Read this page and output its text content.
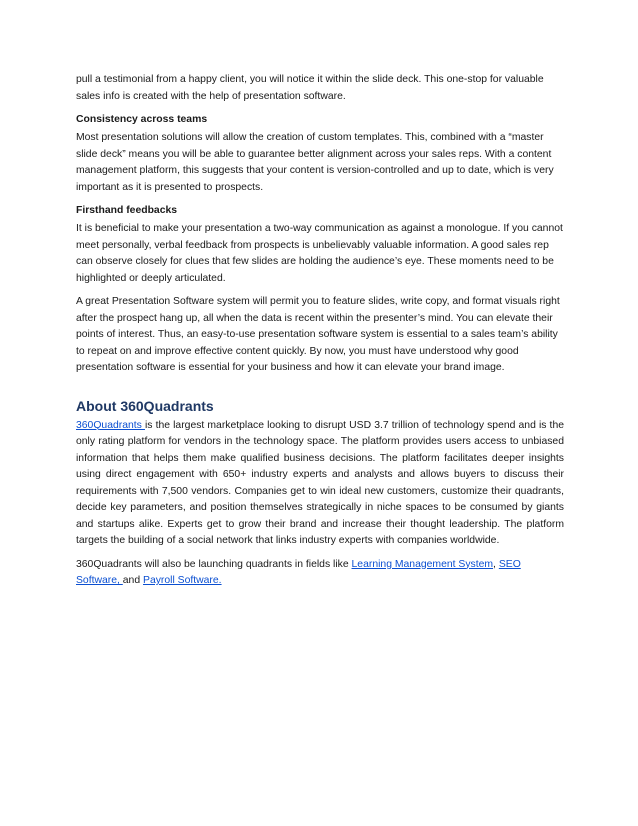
pull a testimonial from a happy client, you will notice it within the slide deck. This one-stop for valuable sales info is created with the help of presentation software.

Consistency across teams

Most presentation solutions will allow the creation of custom templates. This, combined with a “master slide deck” means you will be able to guarantee better alignment across your sales reps. With a content management platform, this suggests that your content is version-controlled and up to date, which is very important as it is presented to prospects.

Firsthand feedbacks

It is beneficial to make your presentation a two-way communication as against a monologue. If you cannot meet personally, verbal feedback from prospects is unbelievably valuable information. A good sales rep can observe closely for clues that few slides are holding the audience’s eye. These moments need to be highlighted or deeply articulated.

A great Presentation Software system will permit you to feature slides, write copy, and format visuals right after the prospect hang up, all when the data is recent within the presenter’s mind. You can elevate their points of interest. Thus, an easy-to-use presentation software system is essential to a sales team’s ability to repeat on and improve effective content quickly. By now, you must have understood why good presentation software is essential for your business and how it can elevate your brand image.

About 360Quadrants

360Quadrants is the largest marketplace looking to disrupt USD 3.7 trillion of technology spend and is the only rating platform for vendors in the technology space. The platform provides users access to unbiased information that helps them make qualified business decisions. The platform facilitates deeper insights using direct engagement with 650+ industry experts and analysts and allows buyers to discuss their requirements with 7,500 vendors. Companies get to win ideal new customers, customize their quadrants, decide key parameters, and position themselves strategically in niche spaces to be consumed by giants and startups alike. Experts get to grow their brand and increase their thought leadership. The platform targets the building of a social network that links industry experts with companies worldwide.

360Quadrants will also be launching quadrants in fields like Learning Management System, SEO Software, and Payroll Software.
